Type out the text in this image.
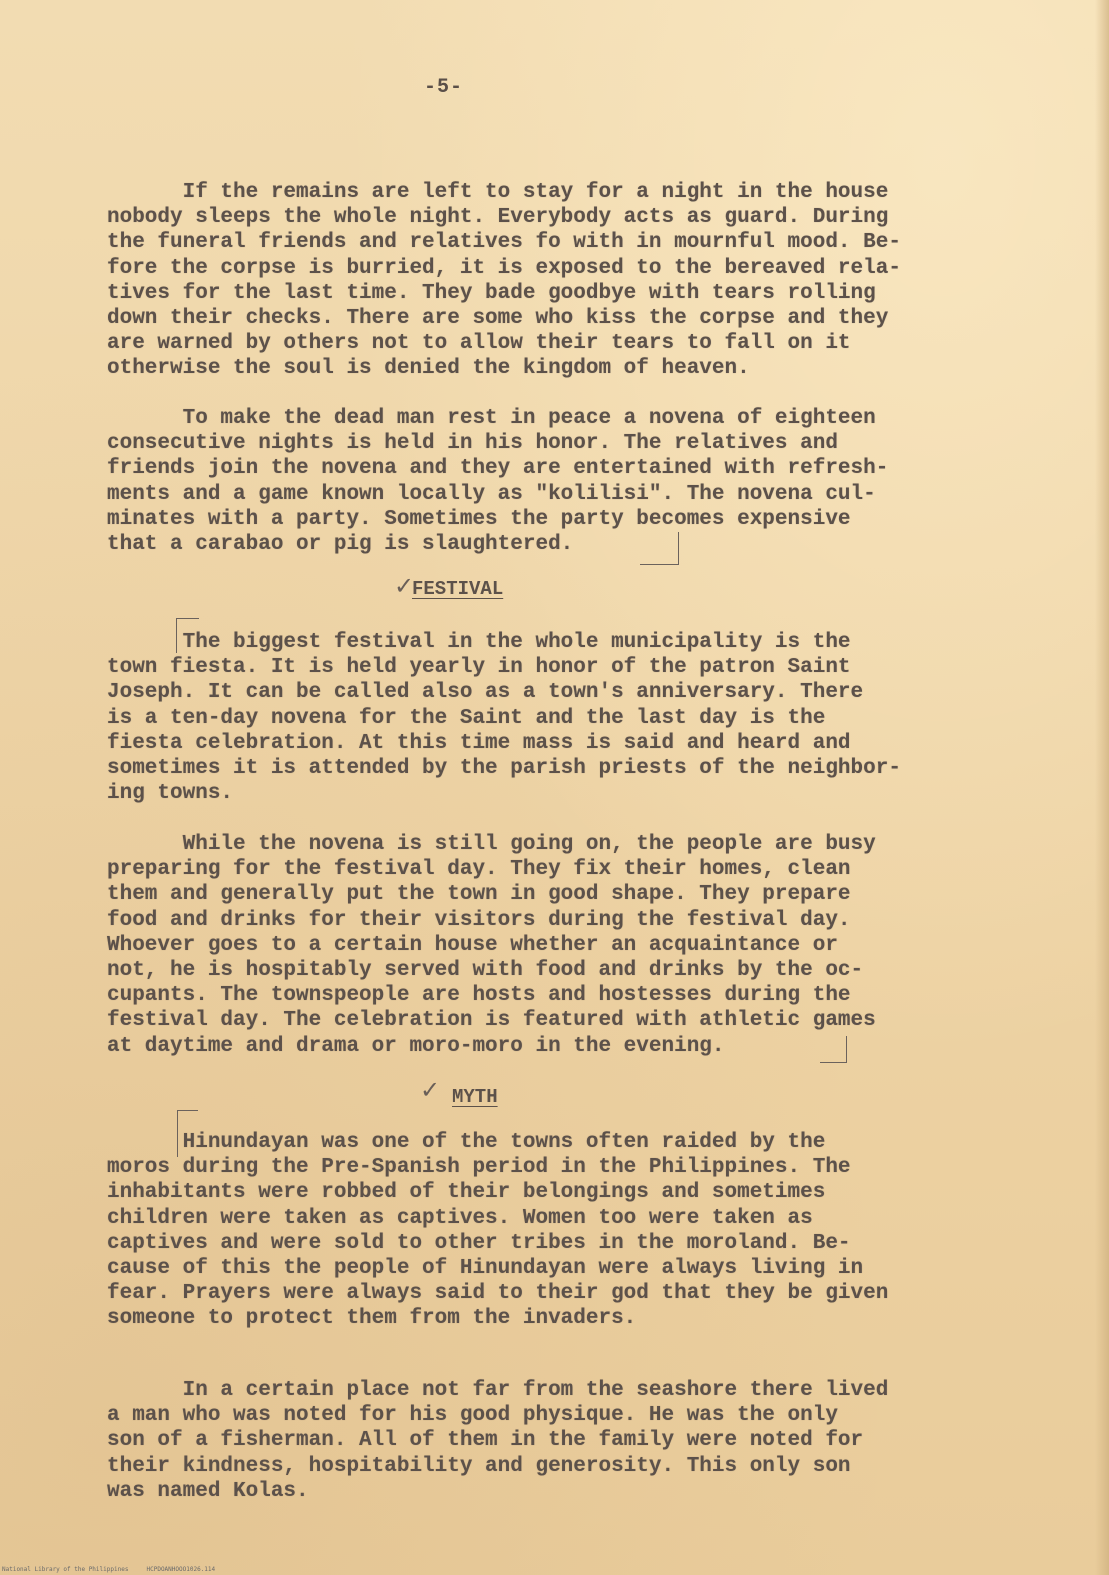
-5-

If the remains are left to stay for a night in the house
nobody sleeps the whole night. Everybody acts as guard. During
the funeral friends and relatives fo with in mournful mood. Be-
fore the corpse is burried, it is exposed to the bereaved rela-
tives for the last time. They bade goodbye with tears rolling
down their checks. There are some who kiss the corpse and they
are warned by others not to allow their tears to fall on it
otherwise the soul is denied the kingdom of heaven.

To make the dead man rest in peace a novena of eighteen
consecutive nights is held in his honor. The relatives and
friends join the novena and they are entertained with refresh-
ments and a game known locally as "kolilisi". The novena cul-
minates with a party. Sometimes the party becomes expensive
that a carabao or pig is slaughtered.

✓
FESTIVAL

The biggest festival in the whole municipality is the
town fiesta. It is held yearly in honor of the patron Saint
Joseph. It can be called also as a town's anniversary. There
is a ten-day novena for the Saint and the last day is the
fiesta celebration. At this time mass is said and heard and
sometimes it is attended by the parish priests of the neighbor-
ing towns.

While the novena is still going on, the people are busy
preparing for the festival day. They fix their homes, clean
them and generally put the town in good shape. They prepare
food and drinks for their visitors during the festival day.
Whoever goes to a certain house whether an acquaintance or
not, he is hospitably served with food and drinks by the oc-
cupants. The townspeople are hosts and hostesses during the
festival day. The celebration is featured with athletic games
at daytime and drama or moro-moro in the evening.

✓ MYTH

Hinundayan was one of the towns often raided by the
moros during the Pre-Spanish period in the Philippines. The
inhabitants were robbed of their belongings and sometimes
children were taken as captives. Women too were taken as
captives and were sold to other tribes in the moroland. Be-
cause of this the people of Hinundayan were always living in
fear. Prayers were always said to their god that they be given
someone to protect them from the invaders.

In a certain place not far from the seashore there lived
a man who was noted for his good physique. He was the only
son of a fisherman. All of them in the family were noted for
their kindness, hospitability and generosity. This only son
was named Kolas.

National Library of the Philippines     HCPDOANHOOO1026.114
